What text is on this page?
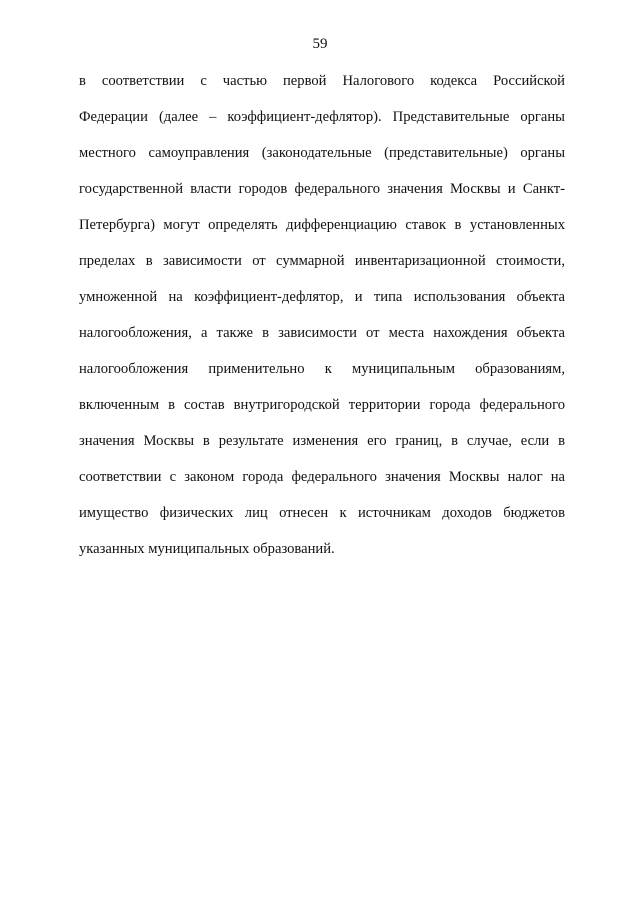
59
в соответствии с частью первой Налогового кодекса Российской
Федерации (далее – коэффициент-дефлятор). Представительные органы
местного самоуправления (законодательные (представительные) органы
государственной власти городов федерального значения Москвы и Санкт-
Петербурга) могут определять дифференциацию ставок в установленных
пределах в зависимости от суммарной инвентаризационной стоимости,
умноженной на коэффициент-дефлятор, и типа использования объекта
налогообложения, а также в зависимости от места нахождения объекта
налогообложения применительно к муниципальным образованиям,
включенным в состав внутригородской территории города федерального
значения Москвы в результате изменения его границ, в случае, если в
соответствии с законом города федерального значения Москвы налог на
имущество физических лиц отнесен к источникам доходов бюджетов
указанных муниципальных образований.
